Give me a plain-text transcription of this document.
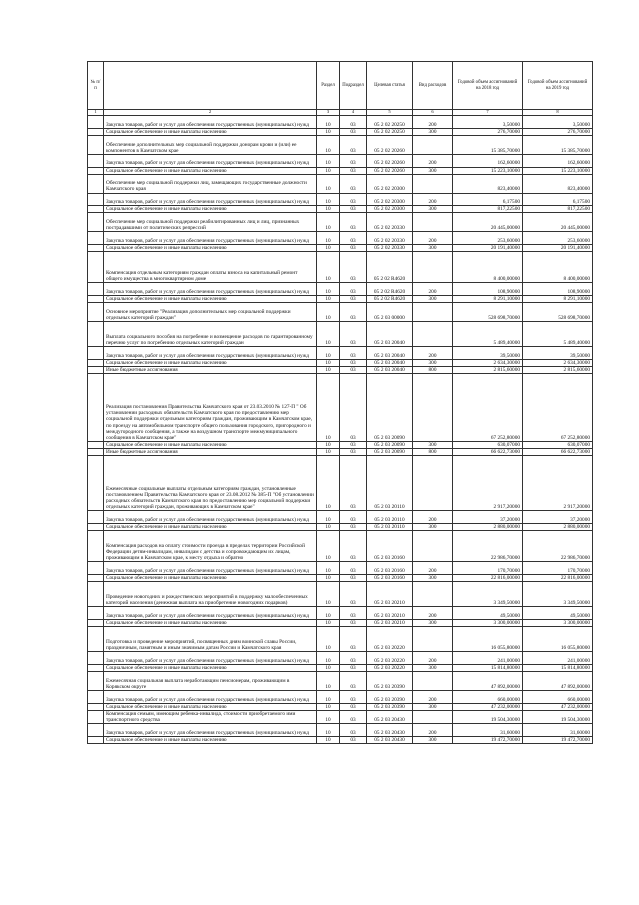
№ п/п		Раздел	Подраздел	Целевая статья	Вид расходов	Годовой объем ассигнований на 2018 год	Годовой объем ассигнований на 2019 год
1	2	3	4	5	6	7	8
	Закупка товаров, работ и услуг для обеспечения государственных (муниципальных) нужд	10	03	05 2 02 20250	200	3,50000	3,50000
	Социальное обеспечение и иные выплаты населению	10	03	05 2 02 20250	300	276,70000	276,70000
	Обеспечение дополнительных мер социальной поддержки донорам крови и (или) ее компонентов в Камчатском крае	10	03	05 2 02 20260		15 385,70000	15 385,70000
	Закупка товаров, работ и услуг для обеспечения государственных (муниципальных) нужд	10	03	05 2 02 20260	200	162,60000	162,60000
	Социальное обеспечение и иные выплаты населению	10	03	05 2 02 20260	300	15 223,10000	15 223,10000
	Обеспечение мер социальной поддержки лиц, замещающих государственные должности Камчатского края	10	03	05 2 02 20300		823,40000	823,40000
	Закупка товаров, работ и услуг для обеспечения государственных (муниципальных) нужд	10	03	05 2 02 20300	200	6,17500	6,17500
	Социальное обеспечение и иные выплаты населению	10	03	05 2 02 20300	300	817,22500	817,22500
	Обеспечение мер социальной поддержки реабилитированных лиц и лиц, признанных пострадавшими от политических репрессий	10	03	05 2 02 20330		20 445,00000	20 445,00000
	Закупка товаров, работ и услуг для обеспечения государственных (муниципальных) нужд	10	03	05 2 02 20330	200	253,60000	253,60000
	Социальное обеспечение и иные выплаты населению	10	03	05 2 02 20330	300	20 191,40000	20 191,40000
	Компенсация отдельным категориям граждан оплаты взноса на капитальный ремонт общего имущества в многоквартирном доме	10	03	05 2 02 R4620		8 400,00000	8 400,00000
	Закупка товаров, работ и услуг для обеспечения государственных (муниципальных) нужд	10	03	05 2 02 R4620	200	108,90000	108,90000
	Социальное обеспечение и иные выплаты населению	10	03	05 2 02 R4620	300	8 291,10000	8 291,10000
	Основное мероприятие "Реализация дополнительных мер социальной поддержки отдельных категорий граждан"	10	03	05 2 03 00000		528 698,70000	528 698,70000
	Выплата социального пособия на погребение и возмещение расходов по гарантированному перечню услуг по погребению отдельных категорий граждан	10	03	05 2 03 20040		5 489,40000	5 489,40000
	Закупка товаров, работ и услуг для обеспечения государственных (муниципальных) нужд	10	03	05 2 03 20040	200	39,50000	39,50000
	Социальное обеспечение и иные выплаты населению	10	03	05 2 03 20040	300	2 634,30000	2 634,30000
	Иные бюджетные ассигнования	10	03	05 2 03 20040	800	2 815,60000	2 815,60000
	Реализация постановления Правительства Камчатского края от 23.03.2010 № 127-П " Об установлении расходных обязательств Камчатского края по предоставлению мер социальной поддержки отдельным категориям граждан, проживающим в Камчатском крае, по проезду на автомобильном транспорте общего пользования городского, пригородного и междугородного сообщения, а также на воздушном транспорте межмуниципального сообщения в Камчатском крае"	10	03	05 2 03 20090		67 252,80000	67 252,80000
	Социальное обеспечение и иные выплаты населению	10	03	05 2 03 20090	300	630,07000	630,07000
	Иные бюджетные ассигнования	10	03	05 2 03 20090	800	66 622,73000	66 622,73000
	Ежемесячные социальные выплаты отдельным категориям граждан, установленные постановлением Правительства Камчатского края от 23.08.2012 № 385-П "Об установлении расходных обязательств Камчатского края по предоставлению мер социальной поддержки отдельных категорий граждан, проживающих в Камчатском крае"	10	03	05 2 03 20110		2 917,20000	2 917,20000
	Закупка товаров, работ и услуг для обеспечения государственных (муниципальных) нужд	10	03	05 2 03 20110	200	37,20000	37,20000
	Социальное обеспечение и иные выплаты населению	10	03	05 2 03 20110	300	2 880,00000	2 880,00000
	Компенсация расходов на оплату стоимости проезда в пределах территории Российской Федерации детям-инвалидам, инвалидам с детства и сопровождающим их лицам, проживающим в Камчатском крае, к месту отдыха и обратно	10	03	05 2 03 20160		22 986,70000	22 986,70000
	Закупка товаров, работ и услуг для обеспечения государственных (муниципальных) нужд	10	03	05 2 03 20160	200	170,70000	170,70000
	Социальное обеспечение и иные выплаты населению	10	03	05 2 03 20160	300	22 816,00000	22 816,00000
	Проведение новогодних и рождественских мероприятий в поддержку малообеспеченных категорий населения (денежная выплата на приобретение новогодних подарков)	10	03	05 2 03 20210		3 349,50000	3 349,50000
	Закупка товаров, работ и услуг для обеспечения государственных (муниципальных) нужд	10	03	05 2 03 20210	200	49,50000	49,50000
	Социальное обеспечение и иные выплаты населению	10	03	05 2 03 20210	300	3 300,00000	3 300,00000
	Подготовка и проведение мероприятий, посвященных дням воинской славы России, праздничным, памятным и иным значимым датам России и Камчатского края	10	03	05 2 03 20220		16 055,80000	16 055,80000
	Закупка товаров, работ и услуг для обеспечения государственных (муниципальных) нужд	10	03	05 2 03 20220	200	241,00000	241,00000
	Социальное обеспечение и иные выплаты населению	10	03	05 2 03 20220	300	15 814,80000	15 814,80000
	Ежемесячная социальная выплата неработающим пенсионерам, проживающим в Корякском округе	10	03	05 2 03 20390		47 892,00000	47 892,00000
	Закупка товаров, работ и услуг для обеспечения государственных (муниципальных) нужд	10	03	05 2 03 20390	200	660,00000	660,00000
	Социальное обеспечение и иные выплаты населению	10	03	05 2 03 20390	300	47 232,00000	47 232,00000
	Компенсация семьям, имеющим ребенка-инвалида, стоимости приобретаемого ими транспортного средства	10	03	05 2 03 20430		19 504,30000	19 504,30000
	Закупка товаров, работ и услуг для обеспечения государственных (муниципальных) нужд	10	03	05 2 03 20430	200	31,60000	31,60000
	Социальное обеспечение и иные выплаты населению	10	03	05 2 03 20430	300	19 472,70000	19 472,70000
